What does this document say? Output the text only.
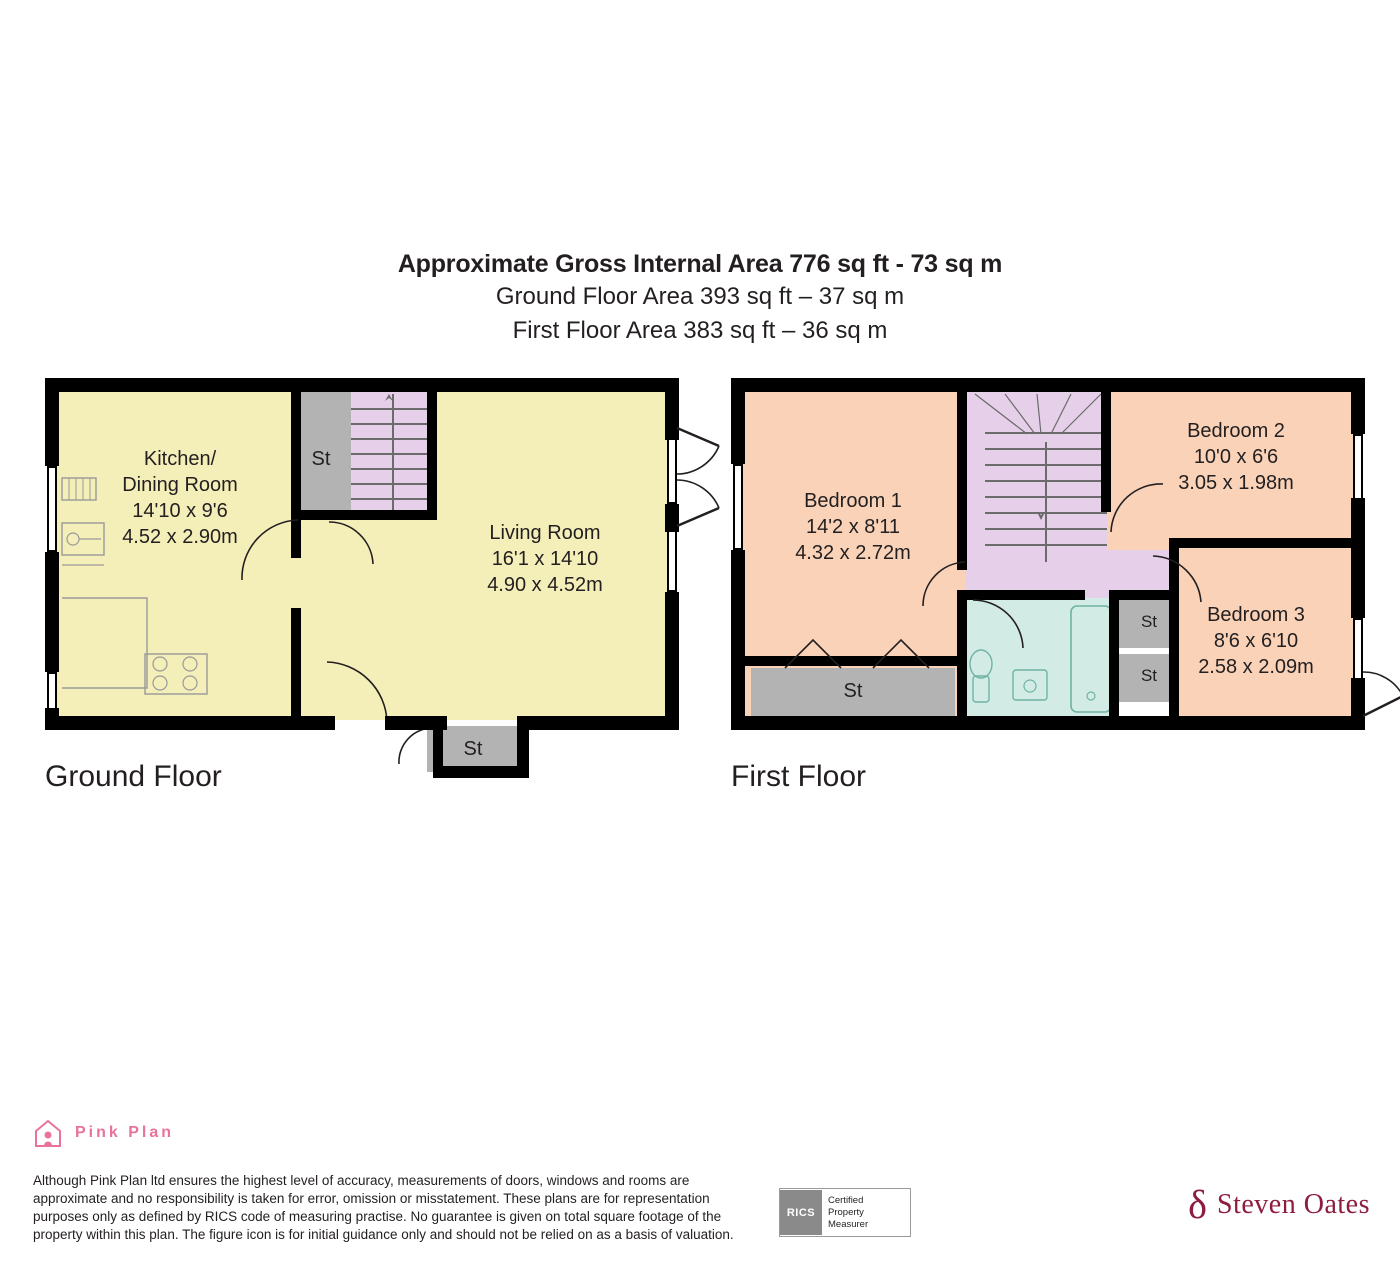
Approximate Gross Internal Area 776 sq ft - 73 sq m
Ground Floor Area 393 sq ft – 37 sq m
First Floor Area 383 sq ft – 36 sq m
Kitchen/
Dining Room
14'10 x 9'6
4.52 x 2.90m	Living Room
16'1 x 14'10
4.90 x 4.52m
St
St
Ground Floor
Bedroom 1
14'2 x 8'11
4.32 x 2.72m
Bedroom 2
10'0 x 6'6
3.05 x 1.98m
Bedroom 3
8'6 x 6'10
2.58 x 2.09m
St
St
St
First Floor
Pink Plan
Although Pink Plan ltd ensures the highest level of accuracy, measurements of doors, windows and rooms are approximate and no responsibility is taken for error, omission or misstatement. These plans are for representation purposes only as defined by RICS code of measuring practise. No guarantee is given on total square footage of the property within this plan. The figure icon is for initial guidance only and should not be relied on as a basis of valuation.
RICS
Certified
Property
Measurer	δ Steven Oates
